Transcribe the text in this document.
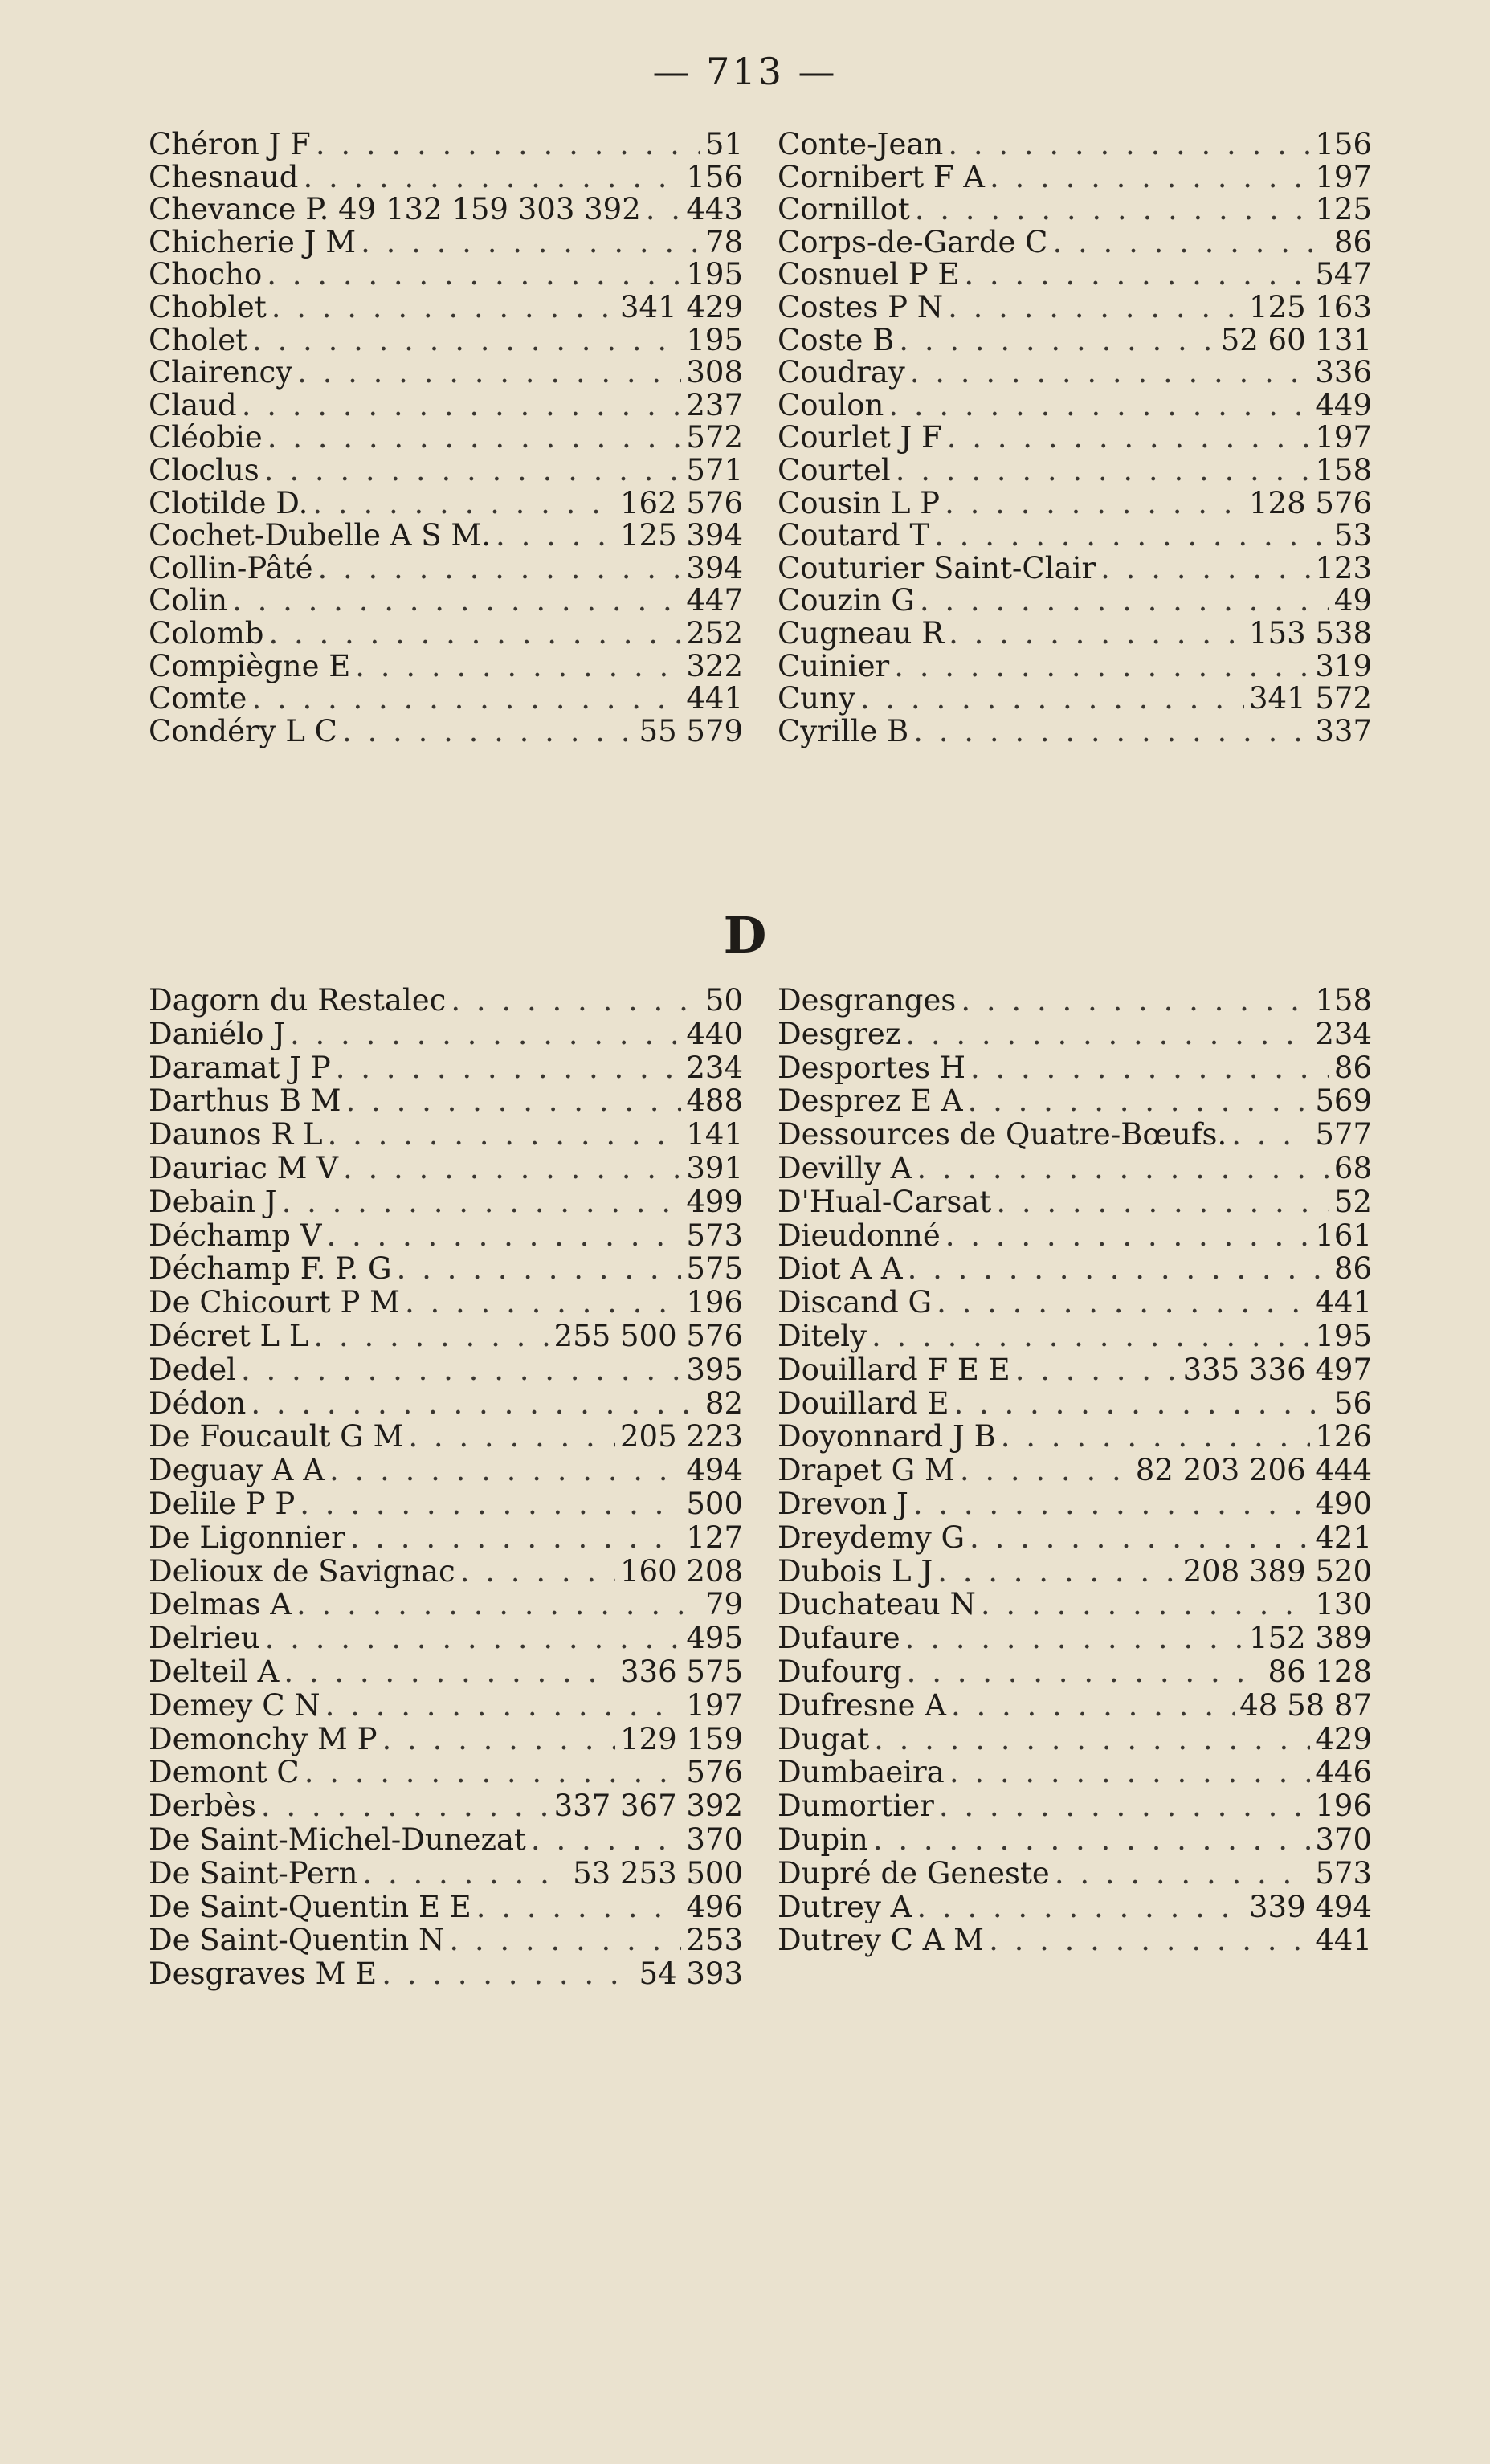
— 713 —
Chéron J F . . .	51
Chesnaud . . .	156
Chevance P. 49 132 159 303 392 . . . 443
Chicherie J M . . .	78
Chocho . . .	195
Choblet . . .	341 429
Cholet . . .	195
Clairency . . .	308
Claud . . .	237
Cléobie . . .	572
Cloclus . . .	571
Clotilde D. . . .	162 576
Cochet-Dubelle A S M. . . .	125 394
Collin-Pâté . . .	394
Colin . . .	447
Colomb . . .	252
Compiègne E . . .	322
Comte . . .	441
Condéry L C . . .	55 579
Conte-Jean . . .	156
Cornibert F A . . .	197
Cornillot . . .	125
Corps-de-Garde C . . .	86
Cosnuel P E . . .	547
Costes P N . . .	125 163
Coste B . . .	52 60 131
Coudray . . .	336
Coulon . . .	449
Courlet J F . . .	197
Courtel . . .	158
Cousin L P . . .	128 576
Coutard T . . .	53
Couturier Saint-Clair . . .	123
Couzin G . . .	49
Cugneau R . . .	153 538
Cuinier . . .	319
Cuny . . .	341 572
Cyrille B . . .	337
D
Dagorn du Restalec . . .	50
Daniélo J . . .	440
Daramat J P . . .	234
Darthus B M . . .	488
Daunos R L . . .	141
Dauriac M V . . .	391
Debain J . . .	499
Déchamp V . . .	573
Déchamp F. P. G . . .	575
De Chicourt P M . . .	196
Décret L L . . .	255 500 576
Dedel . . .	395
Dédon . . .	82
De Foucault G M . . .	205 223
Deguay A A . . .	494
Delile P P . . .	500
De Ligonnier . . .	127
Delioux de Savignac . . .	160 208
Delmas A . . .	79
Delrieu . . .	495
Delteil A . . .	336 575
Demey C N . . .	197
Demonchy M P . . .	129 159
Demont C . . .	576
Derbès . . .	337 367 392
De Saint-Michel-Dunezat . . .	370
De Saint-Pern . . .	53 253 500
De Saint-Quentin E E . . .	496
De Saint-Quentin N . . .	253
Desgraves M E . . .	54 393
Desgranges . . .	158
Desgrez . . .	234
Desportes H . . .	86
Desprez E A . . .	569
Dessources de Quatre-Bœufs. . . .	577
Devilly A . . .	68
D'Hual-Carsat . . .	52
Dieudonné . . .	161
Diot A A . . .	86
Discand G . . .	441
Ditely . . .	195
Douillard F E E . . .	335 336 497
Douillard E . . .	56
Doyonnard J B . . .	126
Drapet G M . . .	82 203 206 444
Drevon J . . .	490
Dreydemy G . . .	421
Dubois L J . . .	208 389 520
Duchateau N . . .	130
Dufaure . . .	152 389
Dufourg . . .	86 128
Dufresne A . . .	48 58 87
Dugat . . .	429
Dumbaeira . . .	446
Dumortier . . .	196
Dupin . . .	370
Dupré de Geneste . . .	573
Dutrey A . . .	339 494
Dutrey C A M . . .	441
